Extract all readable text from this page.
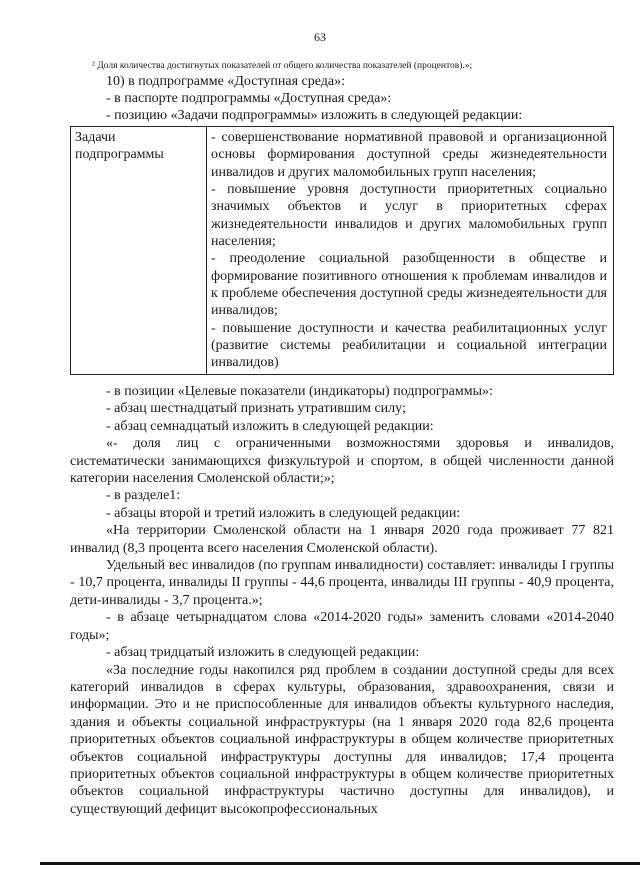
63
² Доля количества достигнутых показателей от общего количества показателей (процентов).»;
10) в подпрограмме «Доступная среда»:
- в паспорте подпрограммы «Доступная среда»:
- позицию «Задачи подпрограммы» изложить в следующей редакции:
Задачи подпрограммы

- совершенствование нормативной правовой и организационной основы формирования доступной среды жизнедеятельности инвалидов и других маломобильных групп населения;

- повышение уровня доступности приоритетных социально значимых объектов и услуг в приоритетных сферах жизнедеятельности инвалидов и других маломобильных групп населения;

- преодоление социальной разобщенности в обществе и формирование позитивного отношения к проблемам инвалидов и к проблеме обеспечения доступной среды жизнедеятельности для инвалидов;

- повышение доступности и качества реабилитационных услуг (развитие системы реабилитации и социальной интеграции инвалидов)

- в позиции «Целевые показатели (индикаторы) подпрограммы»:

- абзац шестнадцатый признать утратившим силу;

- абзац семнадцатый изложить в следующей редакции:

«- доля лиц с ограниченными возможностями здоровья и инвалидов, систематически занимающихся физкультурой и спортом, в общей численности данной категории населения Смоленской области;»;

- в разделе1:

- абзацы второй и третий изложить в следующей редакции:

«На территории Смоленской области на 1 января 2020 года проживает 77 821 инвалид (8,3 процента всего населения Смоленской области).

Удельный вес инвалидов (по группам инвалидности) составляет: инвалиды I группы - 10,7 процента, инвалиды II группы - 44,6 процента, инвалиды III группы - 40,9 процента, дети-инвалиды - 3,7 процента.»;

- в абзаце четырнадцатом слова «2014-2020 годы» заменить словами «2014-2040 годы»;

- абзац тридцатый изложить в следующей редакции:

«За последние годы накопился ряд проблем в создании доступной среды для всех категорий инвалидов в сферах культуры, образования, здравоохранения, связи и информации. Это и не приспособленные для инвалидов объекты культурного наследия, здания и объекты социальной инфраструктуры (на 1 января 2020 года 82,6 процента приоритетных объектов социальной инфраструктуры в общем количестве приоритетных объектов социальной инфраструктуры доступны для инвалидов; 17,4 процента приоритетных объектов социальной инфраструктуры в общем количестве приоритетных объектов социальной инфраструктуры частично доступны для инвалидов), и существующий дефицит высокопрофессиональных
